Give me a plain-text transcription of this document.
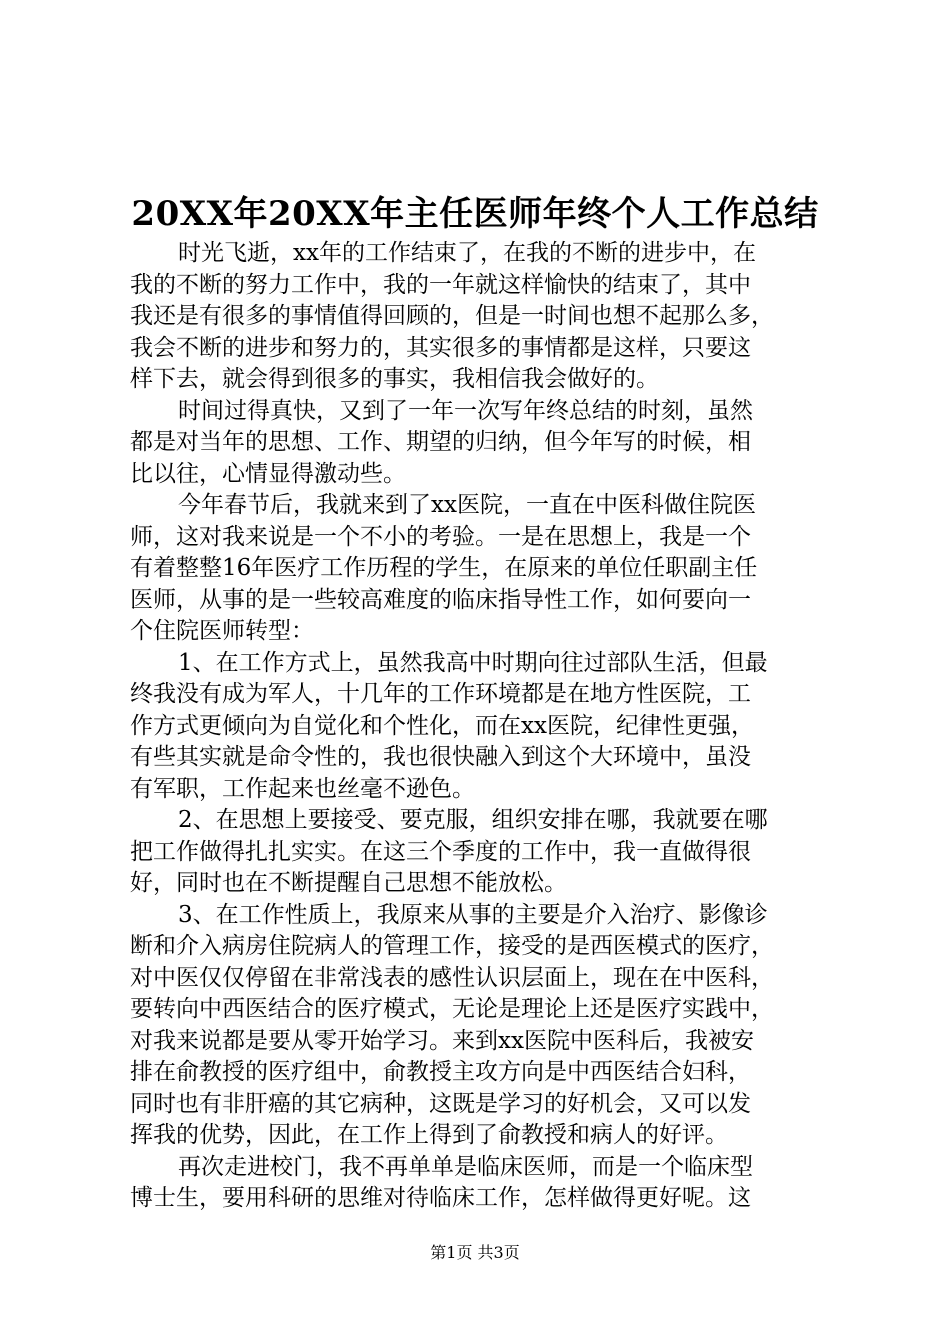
20XX年20XX年主任医师年终个人工作总结
时光飞逝，xx年的工作结束了，在我的不断的进步中，在
我的不断的努力工作中，我的一年就这样愉快的结束了，其中
我还是有很多的事情值得回顾的，但是一时间也想不起那么多，
我会不断的进步和努力的，其实很多的事情都是这样，只要这
样下去，就会得到很多的事实，我相信我会做好的。
时间过得真快，又到了一年一次写年终总结的时刻，虽然
都是对当年的思想、工作、期望的归纳，但今年写的时候，相
比以往，心情显得激动些。
今年春节后，我就来到了xx医院，一直在中医科做住院医
师，这对我来说是一个不小的考验。一是在思想上，我是一个
有着整整16年医疗工作历程的学生，在原来的单位任职副主任
医师，从事的是一些较高难度的临床指导性工作，如何要向一
个住院医师转型：
1、在工作方式上，虽然我高中时期向往过部队生活，但最
终我没有成为军人，十几年的工作环境都是在地方性医院，工
作方式更倾向为自觉化和个性化，而在xx医院，纪律性更强，
有些其实就是命令性的，我也很快融入到这个大环境中，虽没
有军职，工作起来也丝毫不逊色。
2、在思想上要接受、要克服，组织安排在哪，我就要在哪
把工作做得扎扎实实。在这三个季度的工作中，我一直做得很
好，同时也在不断提醒自己思想不能放松。
3、在工作性质上，我原来从事的主要是介入治疗、影像诊
断和介入病房住院病人的管理工作，接受的是西医模式的医疗，
对中医仅仅停留在非常浅表的感性认识层面上，现在在中医科，
要转向中西医结合的医疗模式，无论是理论上还是医疗实践中，
对我来说都是要从零开始学习。来到xx医院中医科后，我被安
排在俞教授的医疗组中，俞教授主攻方向是中西医结合妇科，
同时也有非肝癌的其它病种，这既是学习的好机会，又可以发
挥我的优势，因此，在工作上得到了俞教授和病人的好评。
再次走进校门，我不再单单是临床医师，而是一个临床型
博士生，要用科研的思维对待临床工作，怎样做得更好呢。这
第1页 共3页
